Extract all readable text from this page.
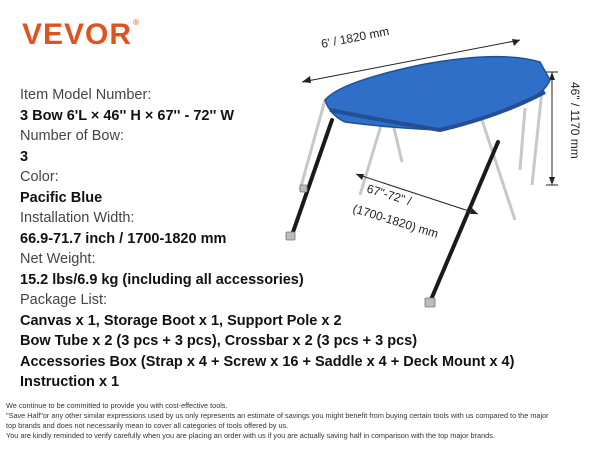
VEVOR®
Item Model Number:
3 Bow 6'L × 46'' H × 67'' - 72'' W
Number of Bow:
3
Color:
Pacific Blue
Installation Width:
66.9-71.7 inch / 1700-1820 mm
Net Weight:
15.2 lbs/6.9 kg (including all accessories)
Package List:
Canvas x 1, Storage Boot x 1, Support Pole x 2
Bow Tube x 2 (3 pcs + 3 pcs), Crossbar x 2 (3 pcs + 3 pcs)
Accessories Box (Strap x 4 + Screw x 16 + Saddle x 4 + Deck Mount x 4)
Instruction x 1
6' / 1820 mm
46" / 1170 mm
67"-72" /
(1700-1820) mm
We continue to be committed to provide you with cost-effective tools.
"Save Half"or any other similar expressions used by us only represents an estimate of savings you might benefit from buying certain tools with us compared to the major
top brands and does not necessarily mean to cover all categories of tools offered by us.
You are kindly reminded to verify carefully when you are placing an order with us if you are actually saving half in comparison with the top major brands.
